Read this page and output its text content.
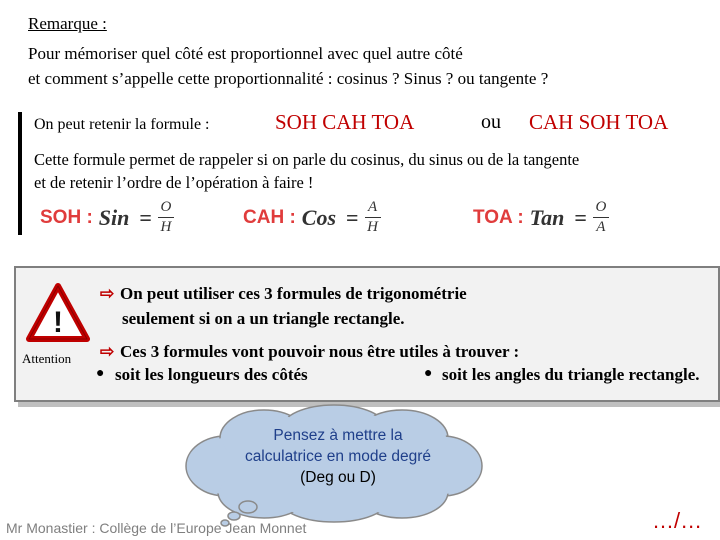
Remarque :
Pour mémoriser quel côté est proportionnel avec quel autre côté
et comment s’appelle cette proportionnalité : cosinus ? Sinus ? ou tangente ?
On peut retenir la formule :	SOH CAH TOA	ou CAH SOH TOA
Cette formule permet de rappeler si on parle du cosinus, du sinus ou de la tangente
et de retenir l’ordre de l’opération à faire !
SOH : Sin = $\frac{O}{H}$	CAH : Cos = $\frac{A}{H}$	TOA : Tan = $\frac{O}{A}$
!
Attention
⇨ On peut utiliser ces 3 formules de trigonométrie
seulement si on a un triangle rectangle.
⇨ Ces 3 formules vont pouvoir nous être utiles à trouver :
● soit les longueurs des côtés	● soit les angles du triangle rectangle.
Pensez à mettre la
calculatrice en mode degré
(Deg ou D)
Mr Monastier : Collège de l’Europe Jean Monnet	…/…
